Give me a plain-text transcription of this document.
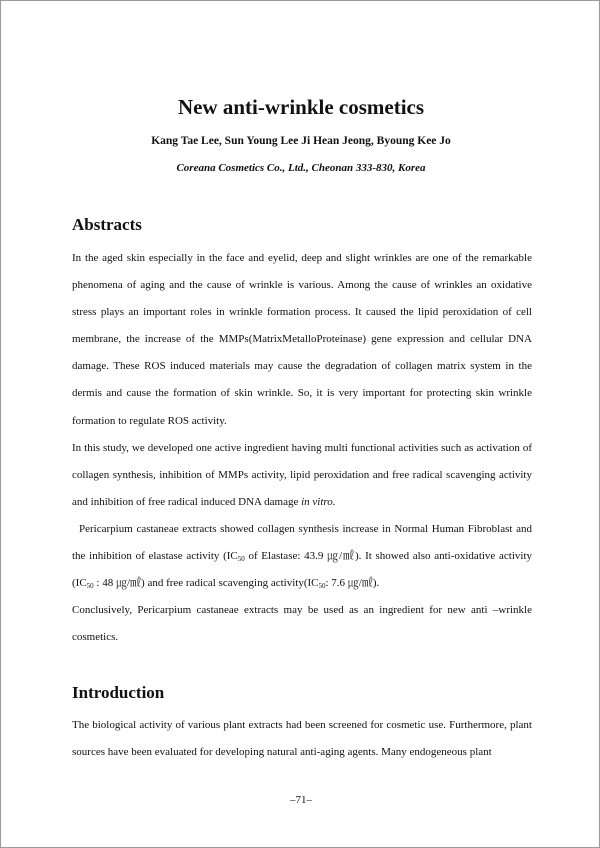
New anti-wrinkle cosmetics
Kang Tae Lee, Sun Young Lee Ji Hean Jeong, Byoung Kee Jo
Coreana Cosmetics Co., Ltd., Cheonan 333-830, Korea
Abstracts

In the aged skin especially in the face and eyelid, deep and slight wrinkles are one of the remarkable phenomena of aging and the cause of wrinkle is various. Among the cause of wrinkles an oxidative stress plays an important roles in wrinkle formation process. It caused the lipid peroxidation of cell membrane, the increase of the MMPs(MatrixMetalloProteinase) gene expression and cellular DNA damage. These ROS induced materials may cause the degradation of collagen matrix system in the dermis and cause the formation of skin wrinkle. So, it is very important for protecting skin wrinkle formation to regulate ROS activity.

In this study, we developed one active ingredient having multi functional activities such as activation of collagen synthesis, inhibition of MMPs activity, lipid peroxidation and free radical scavenging activity and inhibition of free radical induced DNA damage in vitro.

Pericarpium castaneae extracts showed collagen synthesis increase in Normal Human Fibroblast and the inhibition of elastase activity ($IC_{50}$ of Elastase: 43.9 ㎍/㎖). It showed also anti-oxidative activity ($IC_{50}$ : 48 ㎍/㎖) and free radical scavenging $activity(IC_{50}$: 7.6 ㎍/㎖).

Conclusively, Pericarpium castaneae extracts may be used as an ingredient for new anti –wrinkle cosmetics.

Introduction

The biological activity of various plant extracts had been screened for cosmetic use. Furthermore, plant sources have been evaluated for developing natural anti-aging agents. Many endogeneous plant

–71–
